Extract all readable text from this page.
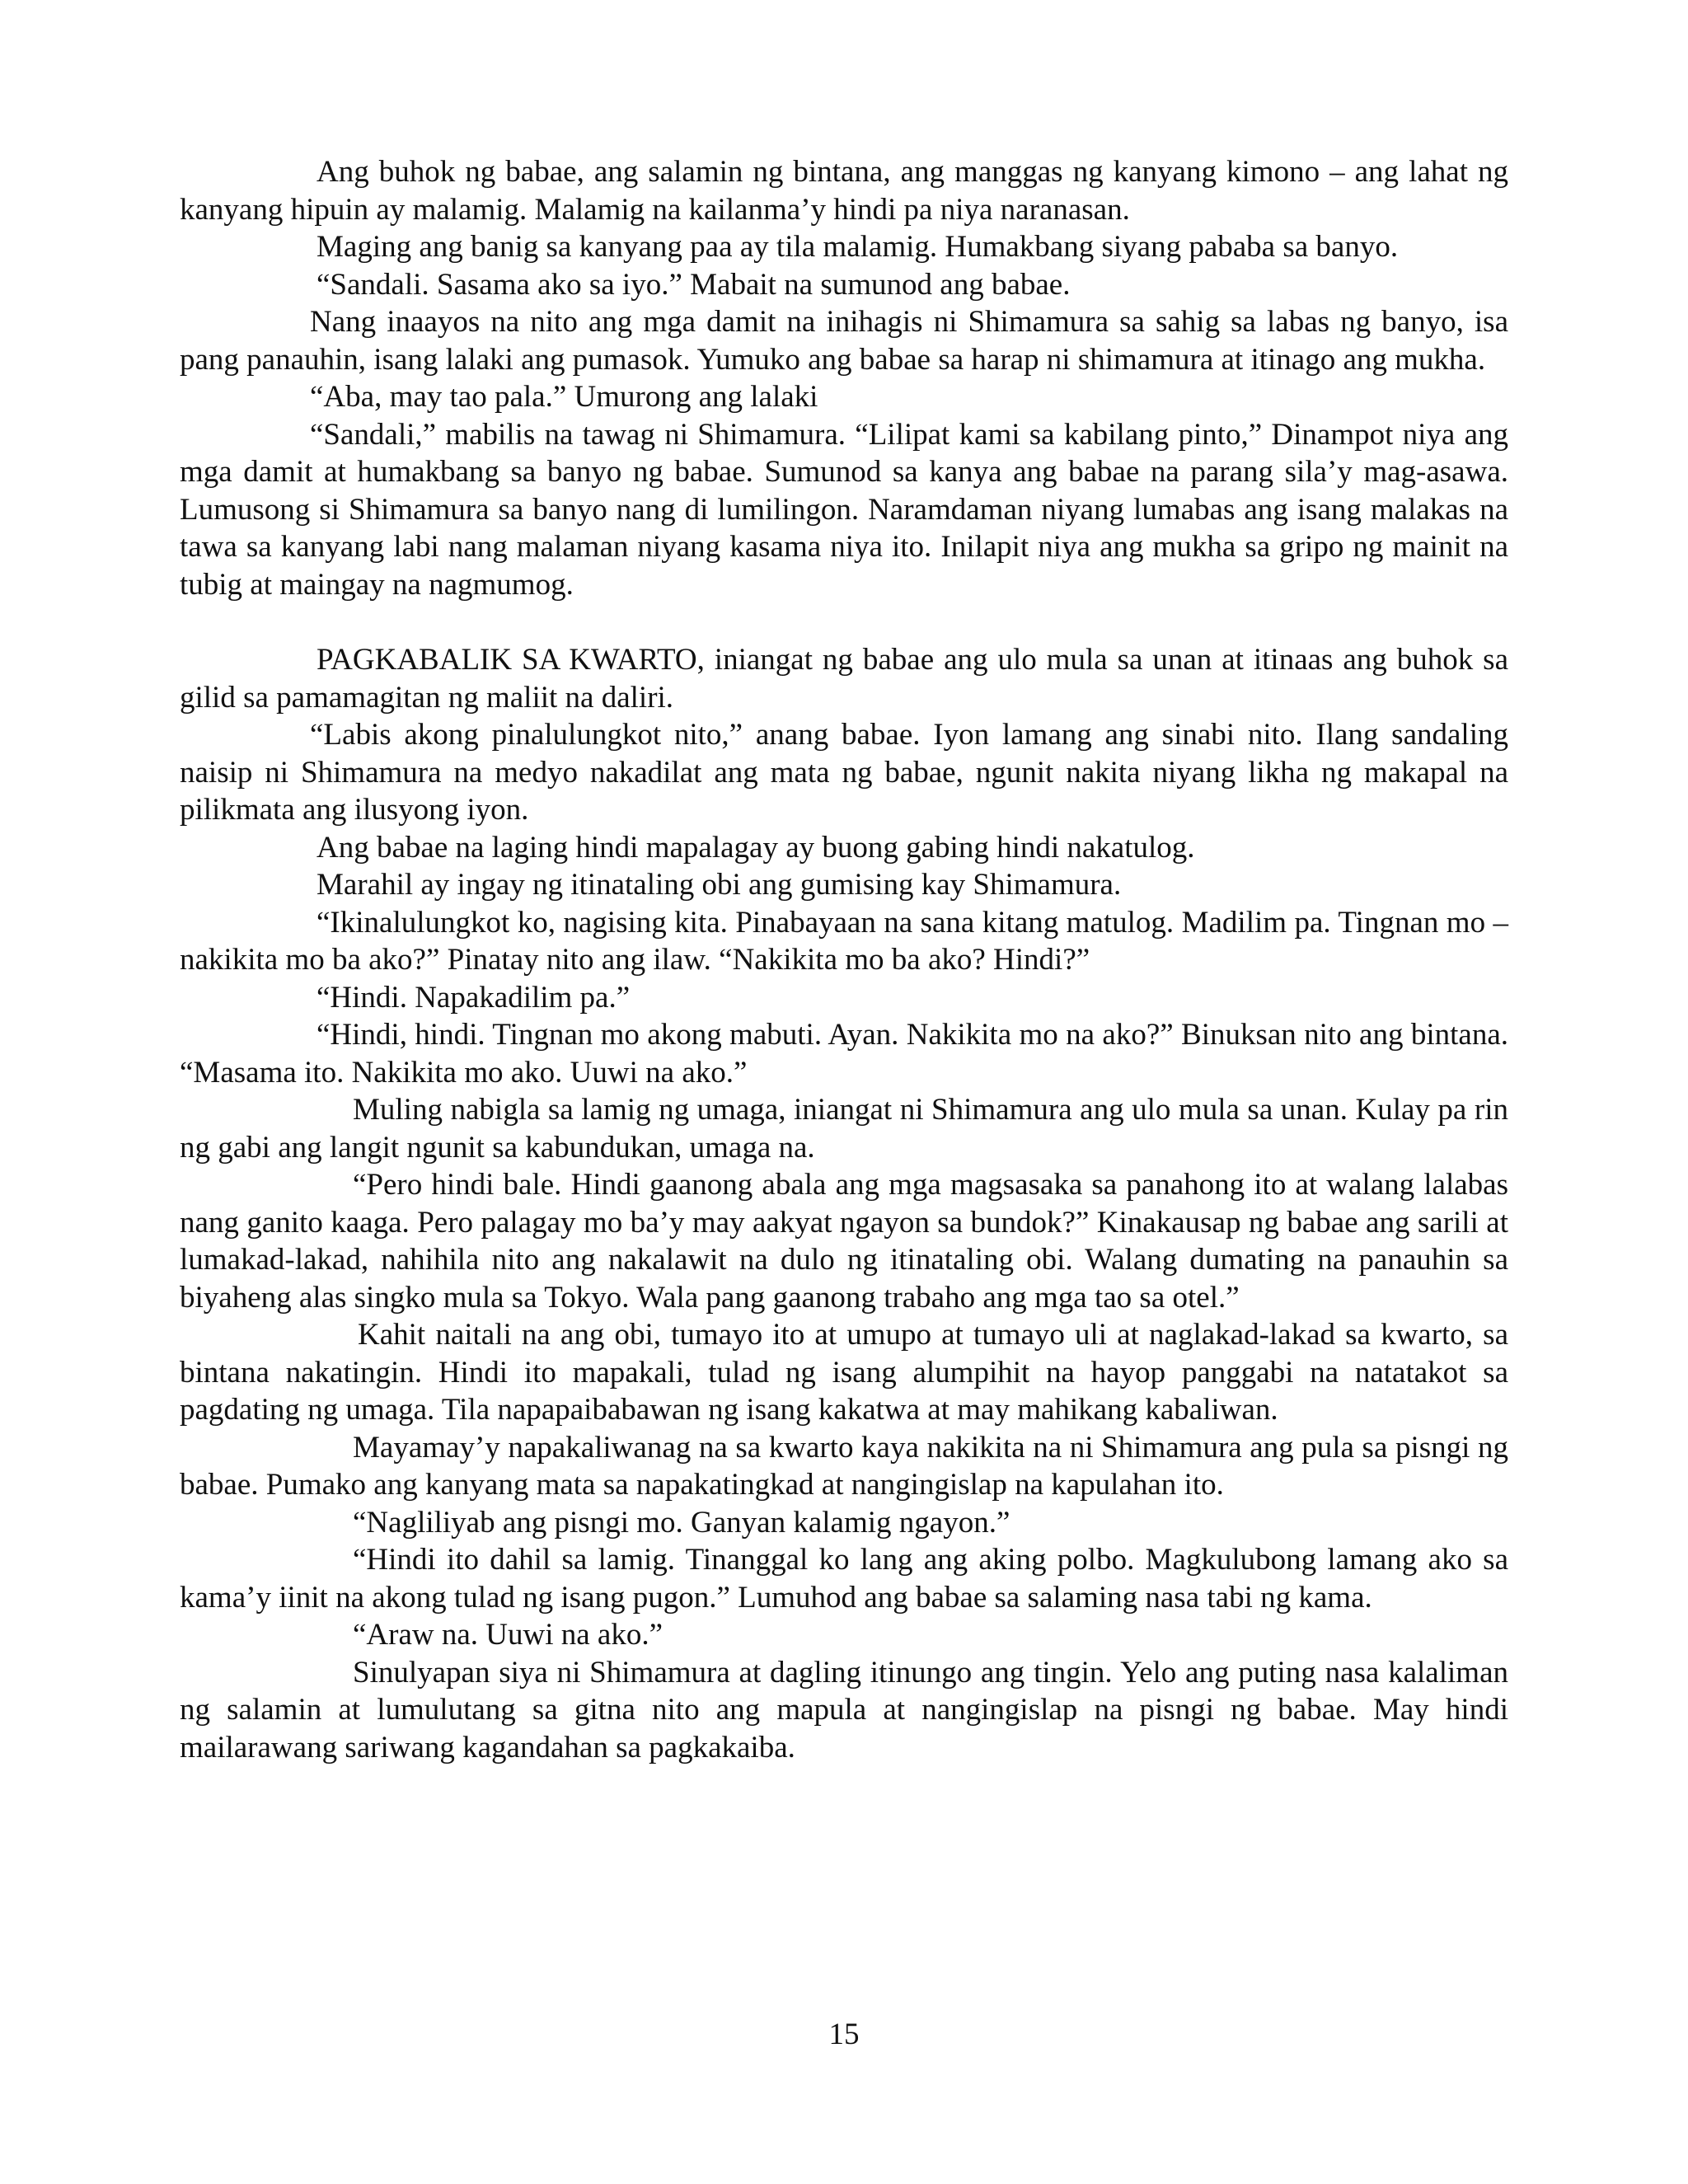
Ang buhok ng babae, ang salamin ng bintana, ang manggas ng kanyang kimono – ang lahat ng kanyang hipuin ay malamig. Malamig na kailanma’y hindi pa niya naranasan.

Maging ang banig sa kanyang paa ay tila malamig. Humakbang siyang pababa sa banyo.

“Sandali. Sasama ako sa iyo.” Mabait na sumunod ang babae.

Nang inaayos na nito ang mga damit na inihagis ni Shimamura sa sahig sa labas ng banyo, isa pang panauhin, isang lalaki ang pumasok. Yumuko ang babae sa harap ni shimamura at itinago ang mukha.

“Aba, may tao pala.” Umurong ang lalaki

“Sandali,” mabilis na tawag ni Shimamura. “Lilipat kami sa kabilang pinto,” Dinampot niya ang mga damit at humakbang sa banyo ng babae. Sumunod sa kanya ang babae na parang sila’y mag-asawa. Lumusong si Shimamura sa banyo nang di lumilingon. Naramdaman niyang lumabas ang isang malakas na tawa sa kanyang labi nang malaman niyang kasama niya ito. Inilapit niya ang mukha sa gripo ng mainit na tubig at maingay na nagmumog.

PAGKABALIK SA KWARTO, iniangat ng babae ang ulo mula sa unan at itinaas ang buhok sa gilid sa pamamagitan ng maliit na daliri.

“Labis akong pinalulungkot nito,” anang babae. Iyon lamang ang sinabi nito. Ilang sandaling naisip ni Shimamura na medyo nakadilat ang mata ng babae, ngunit nakita niyang likha ng makapal na pilikmata ang ilusyong iyon.

Ang babae na laging hindi mapalagay ay buong gabing hindi nakatulog.

Marahil ay ingay ng itinataling obi ang gumising kay Shimamura.

“Ikinalulungkot ko, nagising kita. Pinabayaan na sana kitang matulog. Madilim pa. Tingnan mo – nakikita mo ba ako?” Pinatay nito ang ilaw. “Nakikita mo ba ako? Hindi?”

“Hindi. Napakadilim pa.”

“Hindi, hindi. Tingnan mo akong mabuti. Ayan. Nakikita mo na ako?” Binuksan nito ang bintana. “Masama ito. Nakikita mo ako. Uuwi na ako.”

Muling nabigla sa lamig ng umaga, iniangat ni Shimamura ang ulo mula sa unan. Kulay pa rin ng gabi ang langit ngunit sa kabundukan, umaga na.

“Pero hindi bale. Hindi gaanong abala ang mga magsasaka sa panahong ito at walang lalabas nang ganito kaaga. Pero palagay mo ba’y may aakyat ngayon sa bundok?” Kinakausap ng babae ang sarili at lumakad-lakad, nahihila nito ang nakalawit na dulo ng itinataling obi. Walang dumating na panauhin sa biyaheng alas singko mula sa Tokyo. Wala pang gaanong trabaho ang mga tao sa otel.”

Kahit naitali na ang obi, tumayo ito at umupo at tumayo uli at naglakad-lakad sa kwarto, sa bintana nakatingin. Hindi ito mapakali, tulad ng isang alumpihit na hayop panggabi na natatakot sa pagdating ng umaga. Tila napapaibabawan ng isang kakatwa at may mahikang kabaliwan.

Mayamay’y napakaliwanag na sa kwarto kaya nakikita na ni Shimamura ang pula sa pisngi ng babae. Pumako ang kanyang mata sa napakatingkad at nangingislap na kapulahan ito.

“Nagliliyab ang pisngi mo. Ganyan kalamig ngayon.”

“Hindi ito dahil sa lamig. Tinanggal ko lang ang aking polbo. Magkulubong lamang ako sa kama’y iinit na akong tulad ng isang pugon.” Lumuhod ang babae sa salaming nasa tabi ng kama.

“Araw na. Uuwi na ako.”

Sinulyapan siya ni Shimamura at dagling itinungo ang tingin. Yelo ang puting nasa kalaliman ng salamin at lumulutang sa gitna nito ang mapula at nangingislap na pisngi ng babae. May hindi mailarawang sariwang kagandahan sa pagkakaiba.

15
